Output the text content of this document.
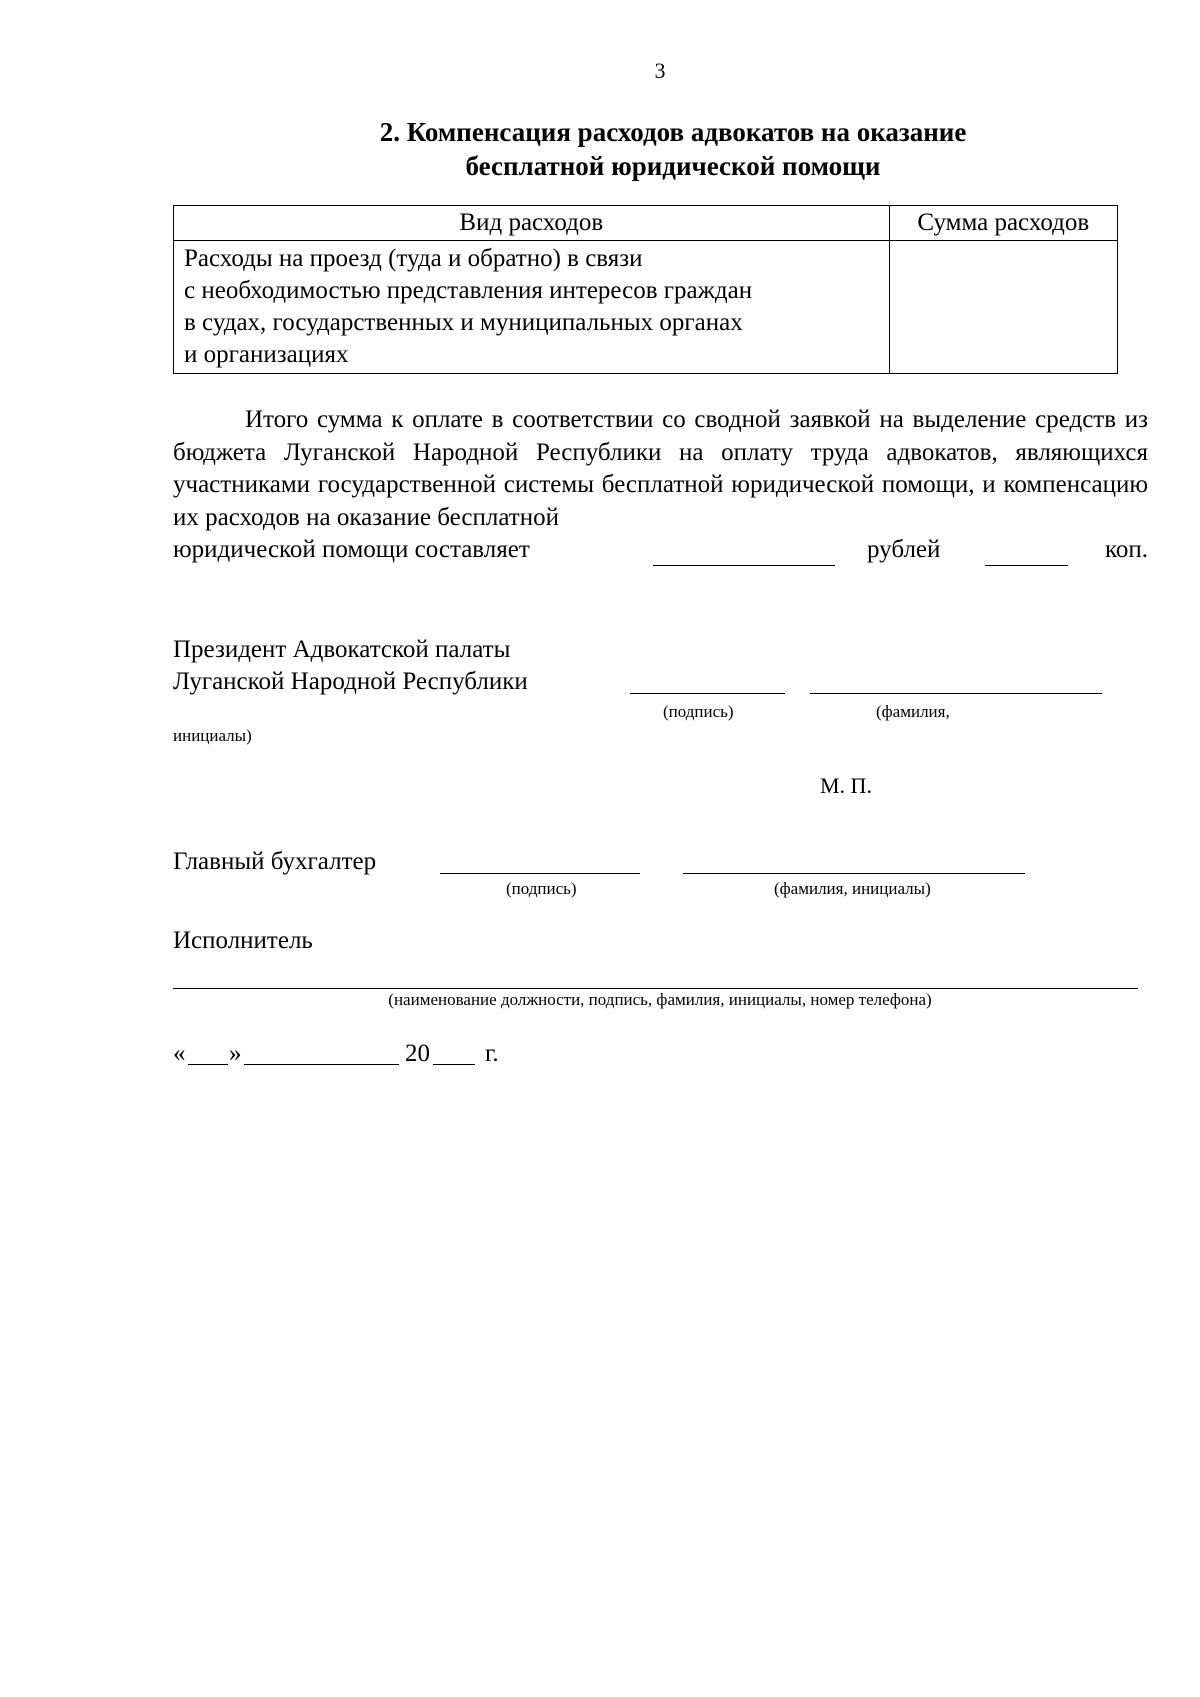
3
2. Компенсация расходов адвокатов на оказание
бесплатной юридической помощи
Вид расходов	Сумма расходов

Расходы на проезд (туда и обратно) в связи
с необходимостью представления интересов граждан
в судах, государственных и муниципальных органах
и организациях	

Итого сумма к оплате в соответствии со сводной заявкой на выделение средств из бюджета Луганской Народной Республики на оплату труда адвокатов, являющихся участниками государственной системы бесплатной юридической помощи, и компенсацию их расходов на оказание бесплатной
юридической помощи составляет	рублей	коп.
Президент Адвокатской палаты
Луганской Народной Республики
(подпись)	(фамилия,
инициалы)
М. П.
Главный бухгалтер
(подпись)	(фамилия, инициалы)
Исполнитель
(наименование должности, подпись, фамилия, инициалы, номер телефона)
« »	20 г.
